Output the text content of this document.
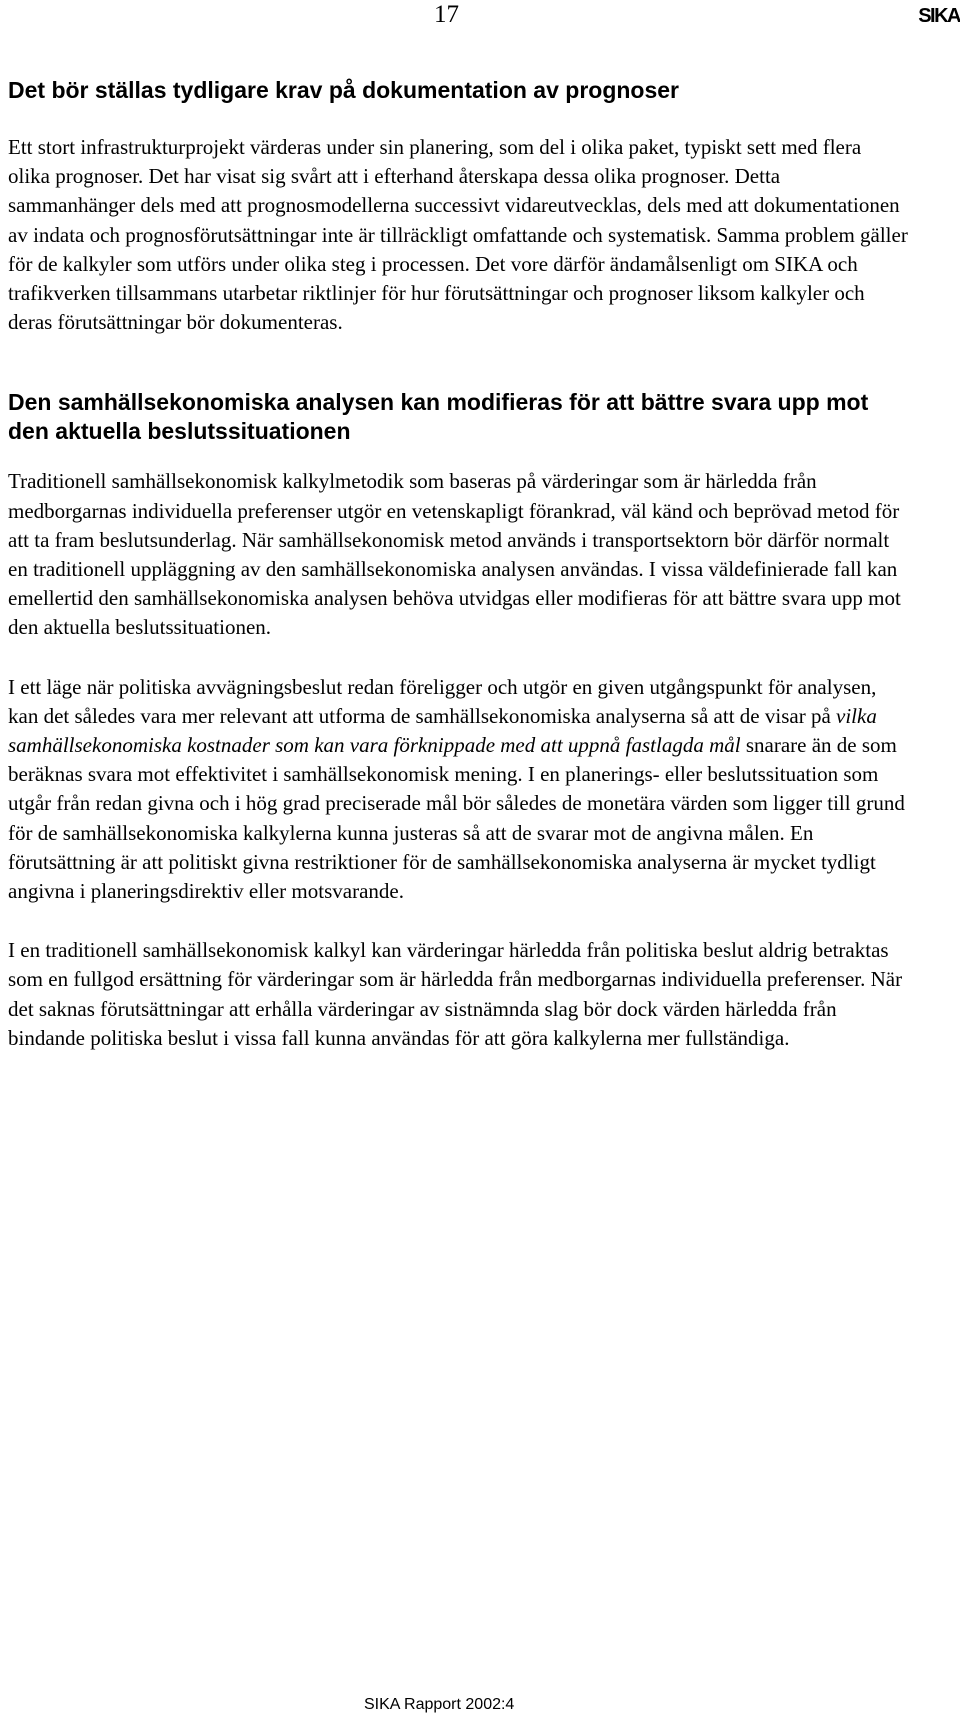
17	SIKA
Det bör ställas tydligare krav på dokumentation av prognoser

Ett stort infrastrukturprojekt värderas under sin planering, som del i olika paket, typiskt sett med flera olika prognoser. Det har visat sig svårt att i efterhand återskapa dessa olika prognoser. Detta sammanhänger dels med att prognosmodellerna successivt vidareutvecklas, dels med att dokumentationen av indata och prognosförutsättningar inte är tillräckligt omfattande och systematisk. Samma problem gäller för de kalkyler som utförs under olika steg i processen. Det vore därför ändamålsenligt om SIKA och trafikverken tillsammans utarbetar riktlinjer för hur förutsättningar och prognoser liksom kalkyler och deras förutsättningar bör dokumenteras.

Den samhällsekonomiska analysen kan modifieras för att bättre svara upp mot den aktuella beslutssituationen

Traditionell samhällsekonomisk kalkylmetodik som baseras på värderingar som är härledda från medborgarnas individuella preferenser utgör en vetenskapligt förankrad, väl känd och beprövad metod för att ta fram beslutsunderlag. När samhällsekonomisk metod används i transportsektorn bör därför normalt en traditionell uppläggning av den samhällsekonomiska analysen användas. I vissa väldefinierade fall kan emellertid den samhällsekonomiska analysen behöva utvidgas eller modifieras för att bättre svara upp mot den aktuella beslutssituationen.

I ett läge när politiska avvägningsbeslut redan föreligger och utgör en given utgångspunkt för analysen, kan det således vara mer relevant att utforma de samhällsekonomiska analyserna så att de visar på vilka samhällsekonomiska kostnader som kan vara förknippade med att uppnå fastlagda mål snarare än de som beräknas svara mot effektivitet i samhällsekonomisk mening. I en planerings- eller beslutssituation som utgår från redan givna och i hög grad preciserade mål bör således de monetära värden som ligger till grund för de samhällsekonomiska kalkylerna kunna justeras så att de svarar mot de angivna målen. En förutsättning är att politiskt givna restriktioner för de samhällsekonomiska analyserna är mycket tydligt angivna i planeringsdirektiv eller motsvarande.

I en traditionell samhällsekonomisk kalkyl kan värderingar härledda från politiska beslut aldrig betraktas som en fullgod ersättning för värderingar som är härledda från medborgarnas individuella preferenser. När det saknas förutsättningar att erhålla värderingar av sistnämnda slag bör dock värden härledda från bindande politiska beslut i vissa fall kunna användas för att göra kalkylerna mer fullständiga.

SIKA Rapport 2002:4
